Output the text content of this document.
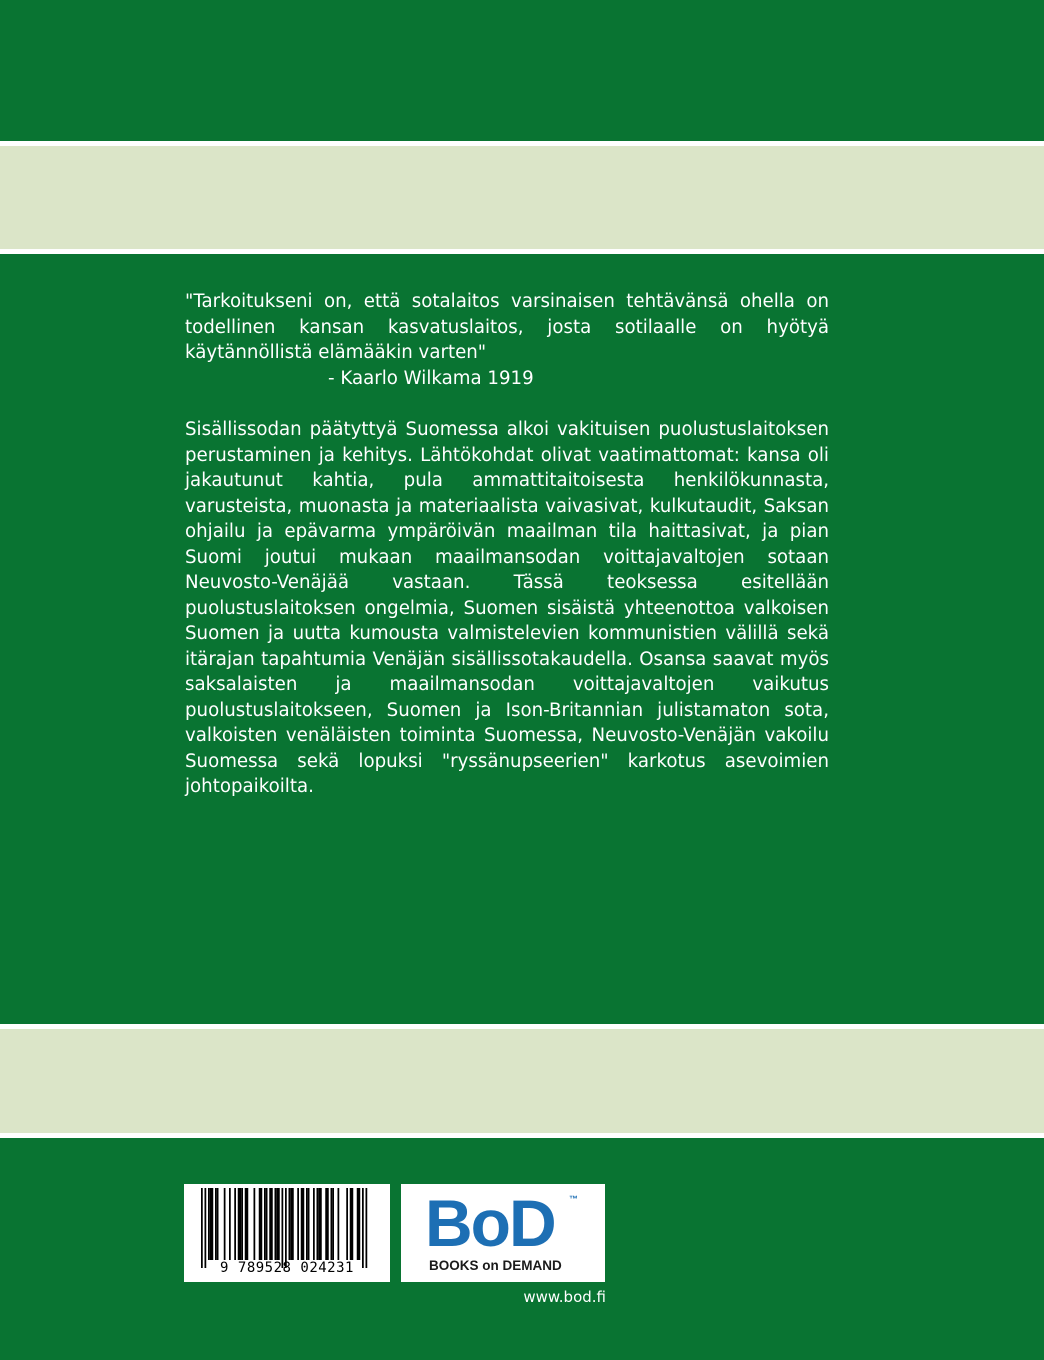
"Tarkoitukseni on, että sotalaitos varsinaisen tehtävänsä ohella on todellinen kansan kasvatuslaitos, josta sotilaalle on hyötyä käytännöllistä elämääkin varten"
- Kaarlo Wilkama 1919
Sisällissodan päätyttyä Suomessa alkoi vakituisen puolustuslaitoksen perustaminen ja kehitys. Lähtökohdat olivat vaatimattomat: kansa oli jakautunut kahtia, pula ammattitaitoisesta henkilökunnasta, varusteista, muonasta ja materiaalista vaivasivat, kulkutaudit, Saksan ohjailu ja epävarma ympäröivän maailman tila haittasivat, ja pian Suomi joutui mukaan maailmansodan voittajavaltojen sotaan Neuvosto-Venäjää vastaan. Tässä teoksessa esitellään puolustuslaitoksen ongelmia, Suomen sisäistä yhteenottoa valkoisen Suomen ja uutta kumousta valmistelevien kommunistien välillä sekä itärajan tapahtumia Venäjän sisällissotakaudella. Osansa saavat myös saksalaisten ja maailmansodan voittajavaltojen vaikutus puolustuslaitokseen, Suomen ja Ison-Britannian julistamaton sota, valkoisten venäläisten toiminta Suomessa, Neuvosto-Venäjän vakoilu Suomessa sekä lopuksi "ryssänupseerien" karkotus asevoimien johtopaikoilta.
9 789528 024231
BoD ™
BOOKS on DEMAND
www.bod.fi
